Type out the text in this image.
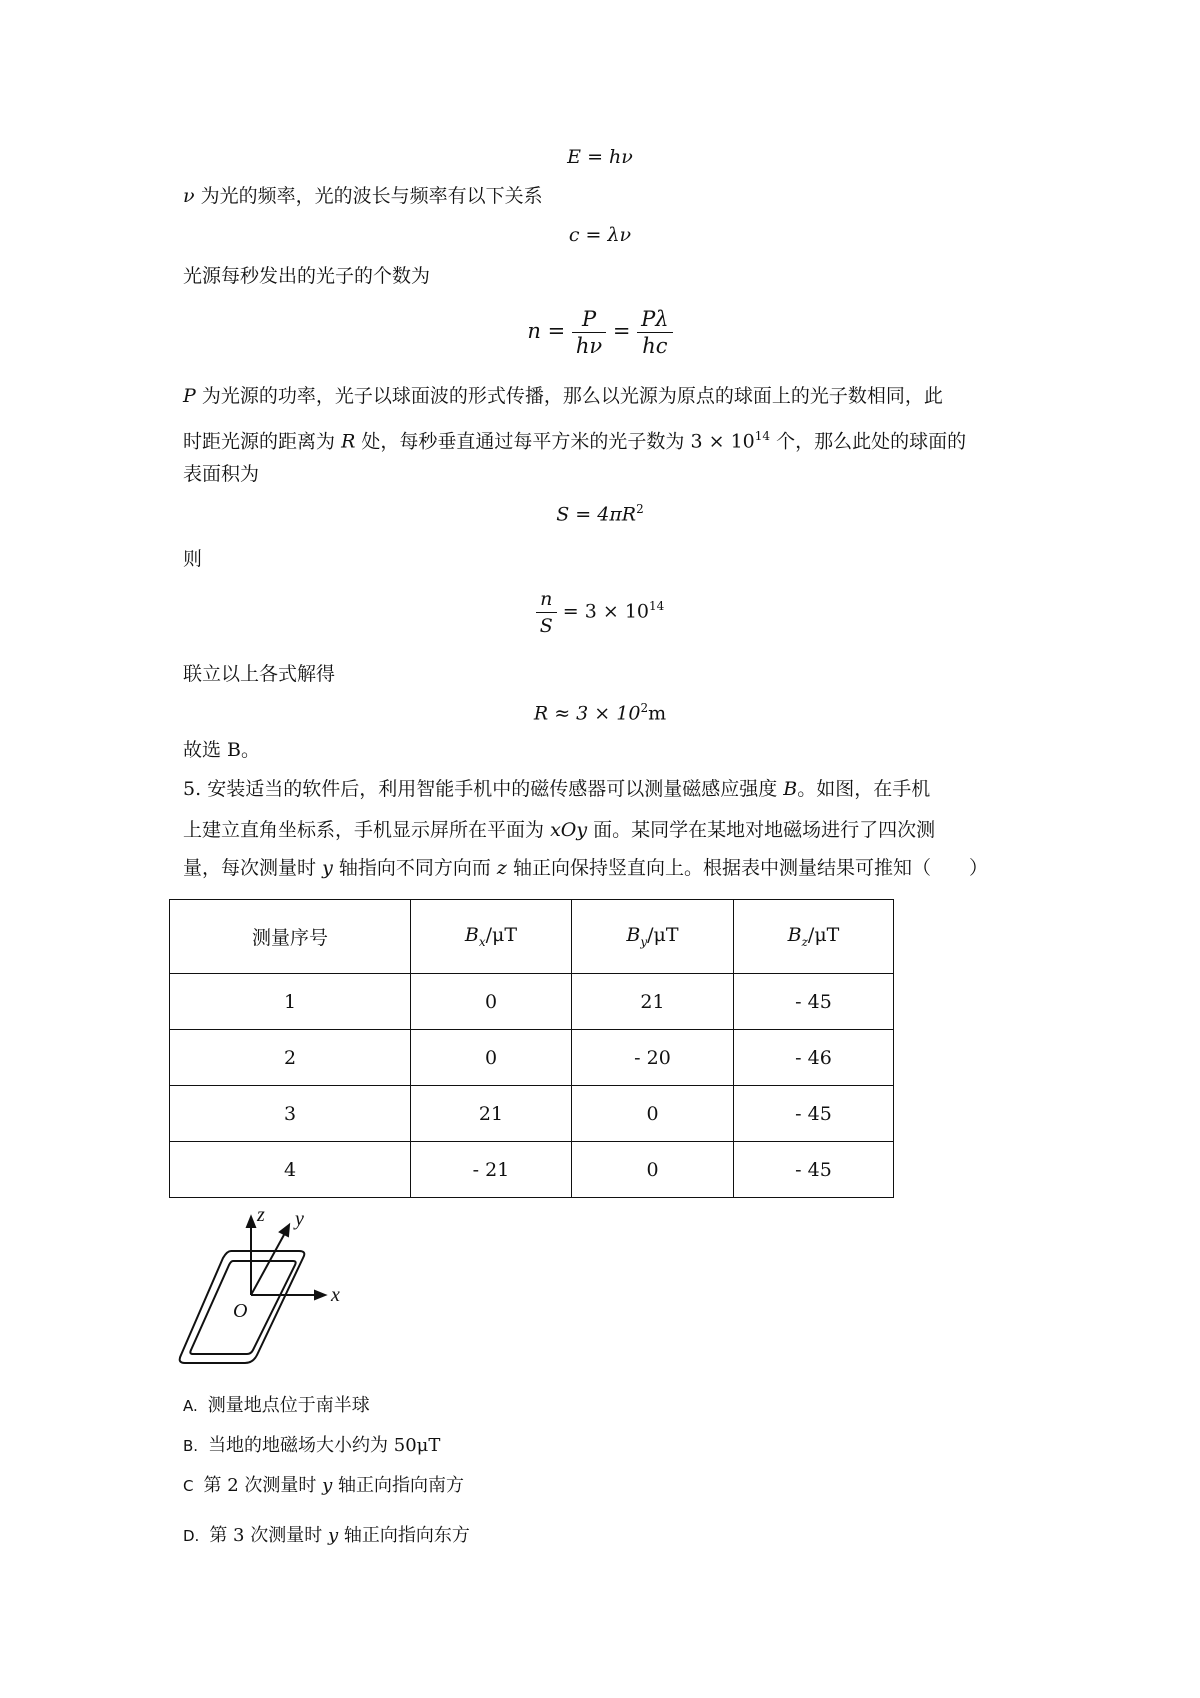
E = hν
ν 为光的频率，光的波长与频率有以下关系
c = λν
光源每秒发出的光子的个数为
$n = \frac{P}{h\nu} = \frac{P\lambda}{hc}$
P 为光源的功率，光子以球面波的形式传播，那么以光源为原点的球面上的光子数相同，此
时距光源的距离为 R 处，每秒垂直通过每平方米的光子数为 $3 \times 10^{14}$ 个，那么此处的球面的
表面积为
$S = 4\pi R^2$
则
$\frac{n}{S} = 3 \times 10^{14}$
联立以上各式解得
$R \approx 3 \times 10^2m$
故选 B。
5. 安装适当的软件后，利用智能手机中的磁传感器可以测量磁感应强度 B。如图，在手机
上建立直角坐标系，手机显示屏所在平面为 xOy 面。某同学在某地对地磁场进行了四次测
量，每次测量时 y 轴指向不同方向而 z 轴正向保持竖直向上。根据表中测量结果可推知（　　）
测量序号	$B_x/\mu T$	$B_y/\mu T$	$B_z/\mu T$
1	0	21	- 45
2	0	- 20	- 46
3	21	0	- 45
4	- 21	0	- 45
z y
x
O
A. 测量地点位于南半球
B. 当地的地磁场大小约为 50μT
C 第 2 次测量时 y 轴正向指向南方
D. 第 3 次测量时 y 轴正向指向东方
